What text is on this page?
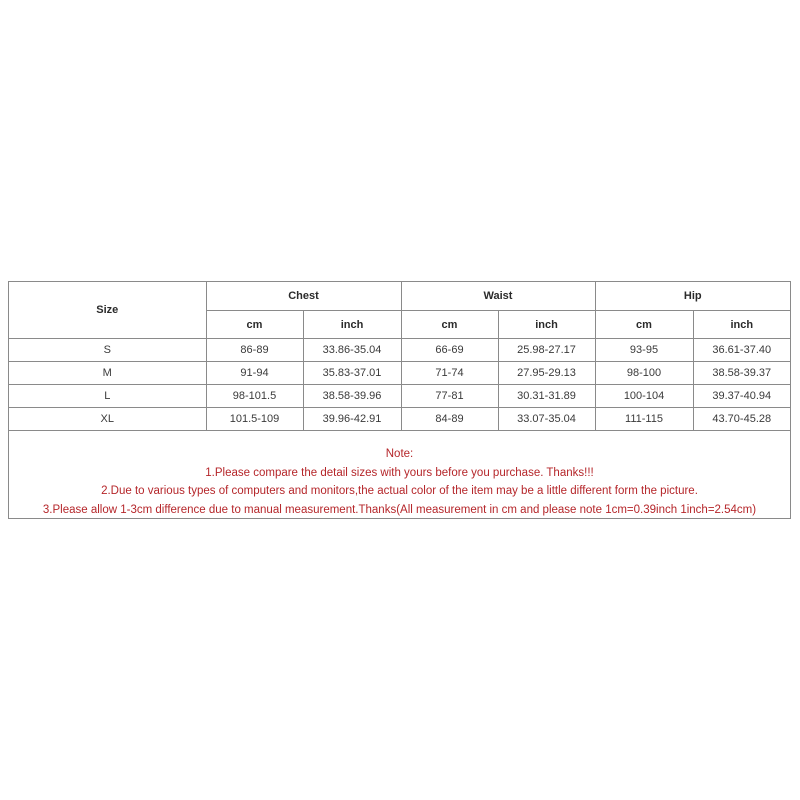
Size	Chest		Waist		Hip	
	cm	inch	cm	inch	cm	inch
S	86-89	33.86-35.04	66-69	25.98-27.17	93-95	36.61-37.40
M	91-94	35.83-37.01	71-74	27.95-29.13	98-100	38.58-39.37
L	98-101.5	38.58-39.96	77-81	30.31-31.89	100-104	39.37-40.94
XL	101.5-109	39.96-42.91	84-89	33.07-35.04	111-115	43.70-45.28
Note:
1.Please compare the detail sizes with yours before you purchase. Thanks!!!
2.Due to various types of computers and monitors,the actual color of the item may be a little different form the picture.
3.Please allow 1-3cm difference due to manual measurement.Thanks(All measurement in cm and please note 1cm=0.39inch 1inch=2.54cm)
